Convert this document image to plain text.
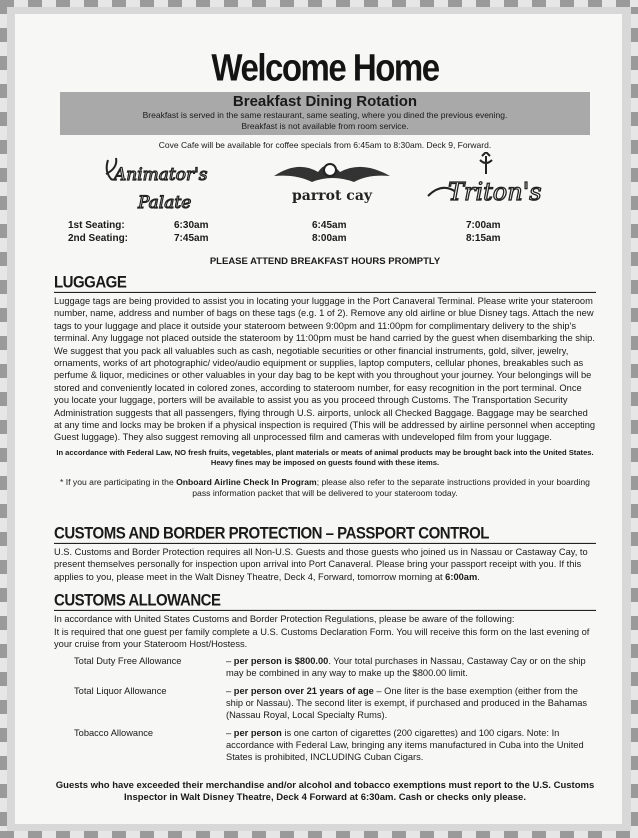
Welcome Home
Breakfast Dining Rotation

Breakfast is served in the same restaurant, same seating, where you dined the previous evening.

Breakfast is not available from room service.

Cove Cafe will be available for coffee specials from 6:45am to 8:30am. Deck 9, Forward.
Animator's
Palate	parrot cay	Triton's
1st Seating:	6:30am	6:45am	7:00am
2nd Seating:	7:45am	8:00am	8:15am
PLEASE ATTEND BREAKFAST HOURS PROMPTLY
LUGGAGE
Luggage tags are being provided to assist you in locating your luggage in the Port Canaveral Terminal. Please write your stateroom number, name, address and number of bags on these tags (e.g. 1 of 2). Remove any old airline or blue Disney tags. Attach the new tags to your luggage and place it outside your stateroom between 9:00pm and 11:00pm for complimentary delivery to the ship's terminal. Any luggage not placed outside the stateroom by 11:00pm must be hand carried by the guest when disembarking the ship. We suggest that you pack all valuables such as cash, negotiable securities or other financial instruments, gold, silver, jewelry, ornaments, works of art photographic/ video/audio equipment or supplies, laptop computers, cellular phones, breakables such as perfume & liquor, medicines or other valuables in your day bag to be kept with you throughout your journey. Your belongings will be stored and conveniently located in colored zones, according to stateroom number, for easy recognition in the port terminal. Once you locate your luggage, porters will be available to assist you as you proceed through Customs. The Transportation Security Administration suggests that all passengers, flying through U.S. airports, unlock all Checked Baggage. Baggage may be searched at any time and locks may be broken if a physical inspection is required (This will be addressed by airline personnel when accepting Guest luggage). They also suggest removing all unprocessed film and cameras with undeveloped film from your luggage.
In accordance with Federal Law, NO fresh fruits, vegetables, plant materials or meats of animal products may be brought back into the United States. Heavy fines may be imposed on guests found with these items.
* If you are participating in the Onboard Airline Check In Program; please also refer to the separate instructions provided in your boarding pass information packet that will be delivered to your stateroom today.
CUSTOMS AND BORDER PROTECTION – PASSPORT CONTROL
U.S. Customs and Border Protection requires all Non-U.S. Guests and those guests who joined us in Nassau or Castaway Cay, to present themselves personally for inspection upon arrival into Port Canaveral. Please bring your passport receipt with you. If this applies to you, please meet in the Walt Disney Theatre, Deck 4, Forward, tomorrow morning at 6:00am.
CUSTOMS ALLOWANCE
In accordance with United States Customs and Border Protection Regulations, please be aware of the following:
It is required that one guest per family complete a U.S. Customs Declaration Form. You will receive this form on the last evening of your cruise from your Stateroom Host/Hostess.
Total Duty Free Allowance	– per person is $800.00. Your total purchases in Nassau, Castaway Cay or on the ship may be combined in any way to make up the $800.00 limit.
Total Liquor Allowance	– per person over 21 years of age – One liter is the base exemption (either from the ship or Nassau). The second liter is exempt, if purchased and produced in the Bahamas (Nassau Royal, Local Specialty Rums).
Tobacco Allowance	– per person is one carton of cigarettes (200 cigarettes) and 100 cigars. Note: In accordance with Federal Law, bringing any items manufactured in Cuba into the United States is prohibited, INCLUDING Cuban Cigars.
Guests who have exceeded their merchandise and/or alcohol and tobacco exemptions must report to the U.S. Customs Inspector in Walt Disney Theatre, Deck 4 Forward at 6:30am. Cash or checks only please.
